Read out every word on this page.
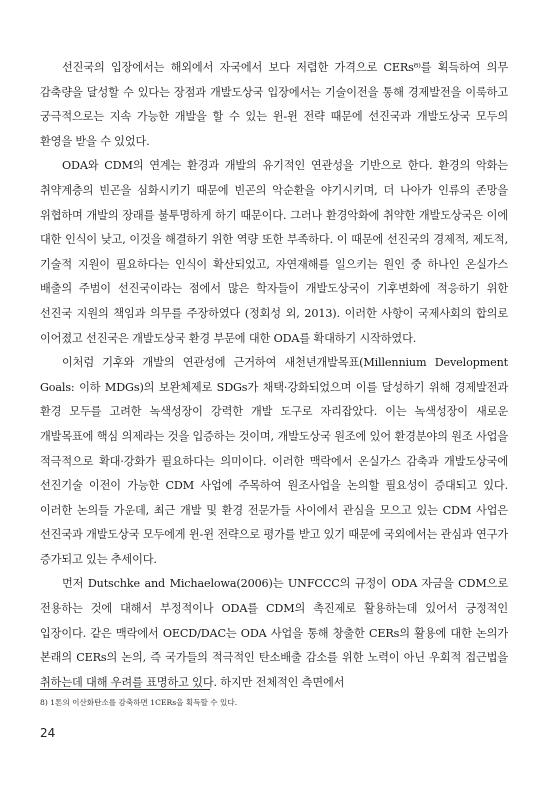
선진국의 입장에서는 해외에서 자국에서 보다 저렴한 가격으로 CERs⁸⁾를 획득하여 의무 감축량을 달성할 수 있다는 장점과 개발도상국 입장에서는 기술이전을 통해 경제발전을 이룩하고 궁극적으로는 지속 가능한 개발을 할 수 있는 윈-윈 전략 때문에 선진국과 개발도상국 모두의 환영을 받을 수 있었다.

ODA와 CDM의 연계는 환경과 개발의 유기적인 연관성을 기반으로 한다. 환경의 악화는 취약계층의 빈곤을 심화시키기 때문에 빈곤의 악순환을 야기시키며, 더 나아가 인류의 존망을 위협하며 개발의 장래를 불투명하게 하기 때문이다. 그러나 환경악화에 취약한 개발도상국은 이에 대한 인식이 낮고, 이것을 해결하기 위한 역량 또한 부족하다. 이 때문에 선진국의 경제적, 제도적, 기술적 지원이 필요하다는 인식이 확산되었고, 자연재해를 일으키는 원인 중 하나인 온실가스 배출의 주범이 선진국이라는 점에서 많은 학자들이 개발도상국이 기후변화에 적응하기 위한 선진국 지원의 책임과 의무를 주장하였다 (정회성 외, 2013). 이러한 사항이 국제사회의 합의로 이어졌고 선진국은 개발도상국 환경 부문에 대한 ODA를 확대하기 시작하였다.

이처럼 기후와 개발의 연관성에 근거하여 새천년개발목표(Millennium Development Goals: 이하 MDGs)의 보완체제로 SDGs가 채택·강화되었으며 이를 달성하기 위해 경제발전과 환경 모두를 고려한 녹색성장이 강력한 개발 도구로 자리잡았다. 이는 녹색성장이 새로운 개발목표에 핵심 의제라는 것을 입증하는 것이며, 개발도상국 원조에 있어 환경분야의 원조 사업을 적극적으로 확대·강화가 필요하다는 의미이다. 이러한 맥락에서 온실가스 감축과 개발도상국에 선진기술 이전이 가능한 CDM 사업에 주목하여 원조사업을 논의할 필요성이 증대되고 있다. 이러한 논의들 가운데, 최근 개발 및 환경 전문가들 사이에서 관심을 모으고 있는 CDM 사업은 선진국과 개발도상국 모두에게 윈-윈 전략으로 평가를 받고 있기 때문에 국외에서는 관심과 연구가 증가되고 있는 추세이다.

먼저 Dutschke and Michaelowa(2006)는 UNFCCC의 규정이 ODA 자금을 CDM으로 전용하는 것에 대해서 부정적이나 ODA를 CDM의 촉진제로 활용하는데 있어서 긍정적인 입장이다. 같은 맥락에서 OECD/DAC는 ODA 사업을 통해 창출한 CERs의 활용에 대한 논의가 본래의 CERs의 논의, 즉 국가들의 적극적인 탄소배출 감소를 위한 노력이 아닌 우회적 접근법을 취하는데 대해 우려를 표명하고 있다. 하지만 전체적인 측면에서

8) 1톤의 이산화탄소를 감축하면 1CERs을 획득할 수 있다.

24
